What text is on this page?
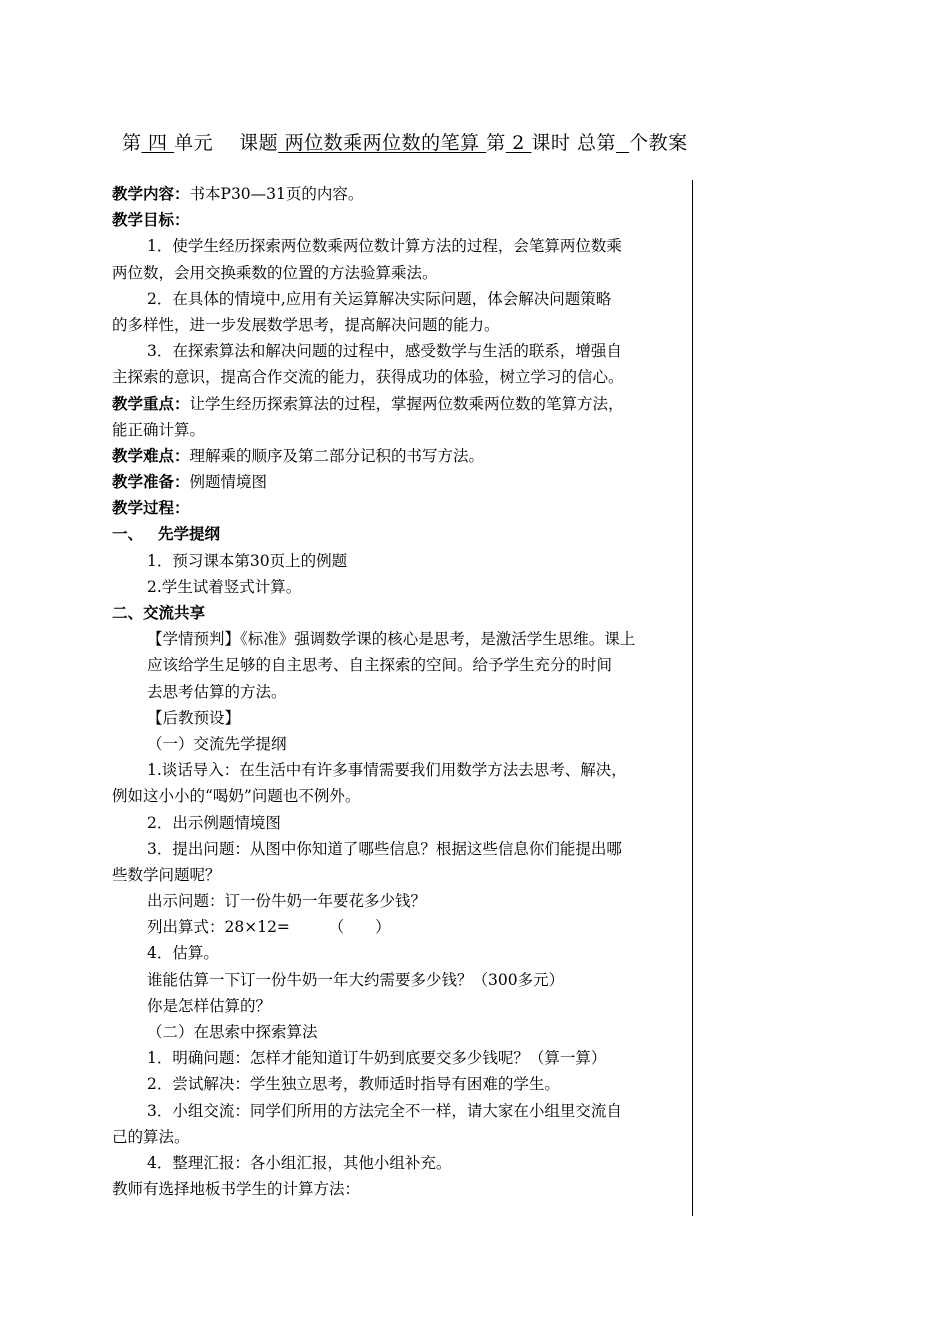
第 四 单元 课题 两位数乘两位数的笔算 第 2 课时 总第 个教案
教学内容：书本P30—31页的内容。
教学目标：
1．使学生经历探索两位数乘两位数计算方法的过程，会笔算两位数乘
两位数，会用交换乘数的位置的方法验算乘法。
2．在具体的情境中,应用有关运算解决实际问题，体会解决问题策略
的多样性，进一步发展数学思考，提高解决问题的能力。
3．在探索算法和解决问题的过程中，感受数学与生活的联系，增强自
主探索的意识，提高合作交流的能力，获得成功的体验，树立学习的信心。
教学重点：让学生经历探索算法的过程，掌握两位数乘两位数的笔算方法，
能正确计算。
教学难点：理解乘的顺序及第二部分记积的书写方法。
教学准备：例题情境图
教学过程：
一、 先学提纲
1．预习课本第30页上的例题
2.学生试着竖式计算。
二、交流共享
【学情预判】《标准》强调数学课的核心是思考，是激活学生思维。课上
应该给学生足够的自主思考、自主探索的空间。给予学生充分的时间
去思考估算的方法。
【后教预设】
（一）交流先学提纲
1.谈话导入：在生活中有许多事情需要我们用数学方法去思考、解决，
例如这小小的“喝奶”问题也不例外。
2．出示例题情境图
3．提出问题：从图中你知道了哪些信息？根据这些信息你们能提出哪
些数学问题呢？
出示问题：订一份牛奶一年要花多少钱？
列出算式：28×12=　　　（　　）
4．估算。
谁能估算一下订一份牛奶一年大约需要多少钱？（300多元）
你是怎样估算的？
（二）在思索中探索算法
1．明确问题：怎样才能知道订牛奶到底要交多少钱呢？（算一算）
2．尝试解决：学生独立思考，教师适时指导有困难的学生。
3．小组交流：同学们所用的方法完全不一样，请大家在小组里交流自
己的算法。
4．整理汇报：各小组汇报，其他小组补充。
教师有选择地板书学生的计算方法：
